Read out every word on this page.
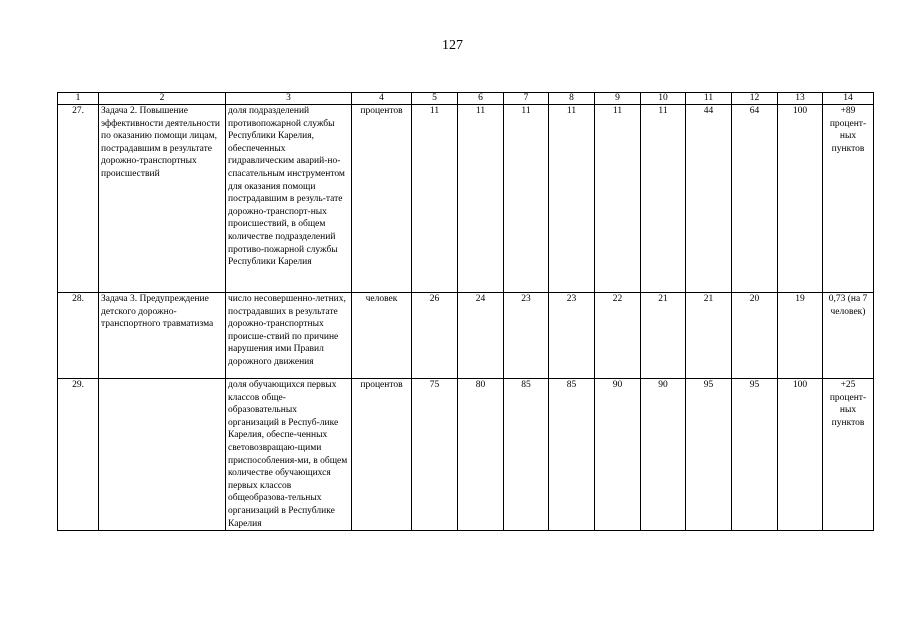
127
1	2	3	4	5	6	7	8	9	10	11	12	13	14
27.	Задача 2. Повышение эффективности деятельности по оказанию помощи лицам, пострадавшим в результате дорожно-транспортных происшествий	доля подразделений противопожарной службы Республики Карелия, обеспеченных гидравлическим аварий-но-спасательным инструментом для оказания помощи пострадавшим в резуль-тате дорожно-транспорт-ных происшествий, в общем количестве подразделений противо-пожарной службы Республики Карелия	процентов	11	11	11	11	11	11	44	64	100	+89 процент-ных пунктов
28.	Задача 3. Предупреждение детского дорожно-транспортного травматизма	число несовершенно-летних, пострадавших в результате дорожно-транспортных происше-ствий по причине нарушения ими Правил дорожного движения	человек	26	24	23	23	22	21	21	20	19	0,73 (на 7 человек)
29.		доля обучающихся первых классов обще-образовательных организаций в Респуб-лике Карелия, обеспе-ченных световозвращаю-щими приспособления-ми, в общем количестве обучающихся первых классов общеобразова-тельных организаций в Республике Карелия	процентов	75	80	85	85	90	90	95	95	100	+25 процент-ных пунктов
